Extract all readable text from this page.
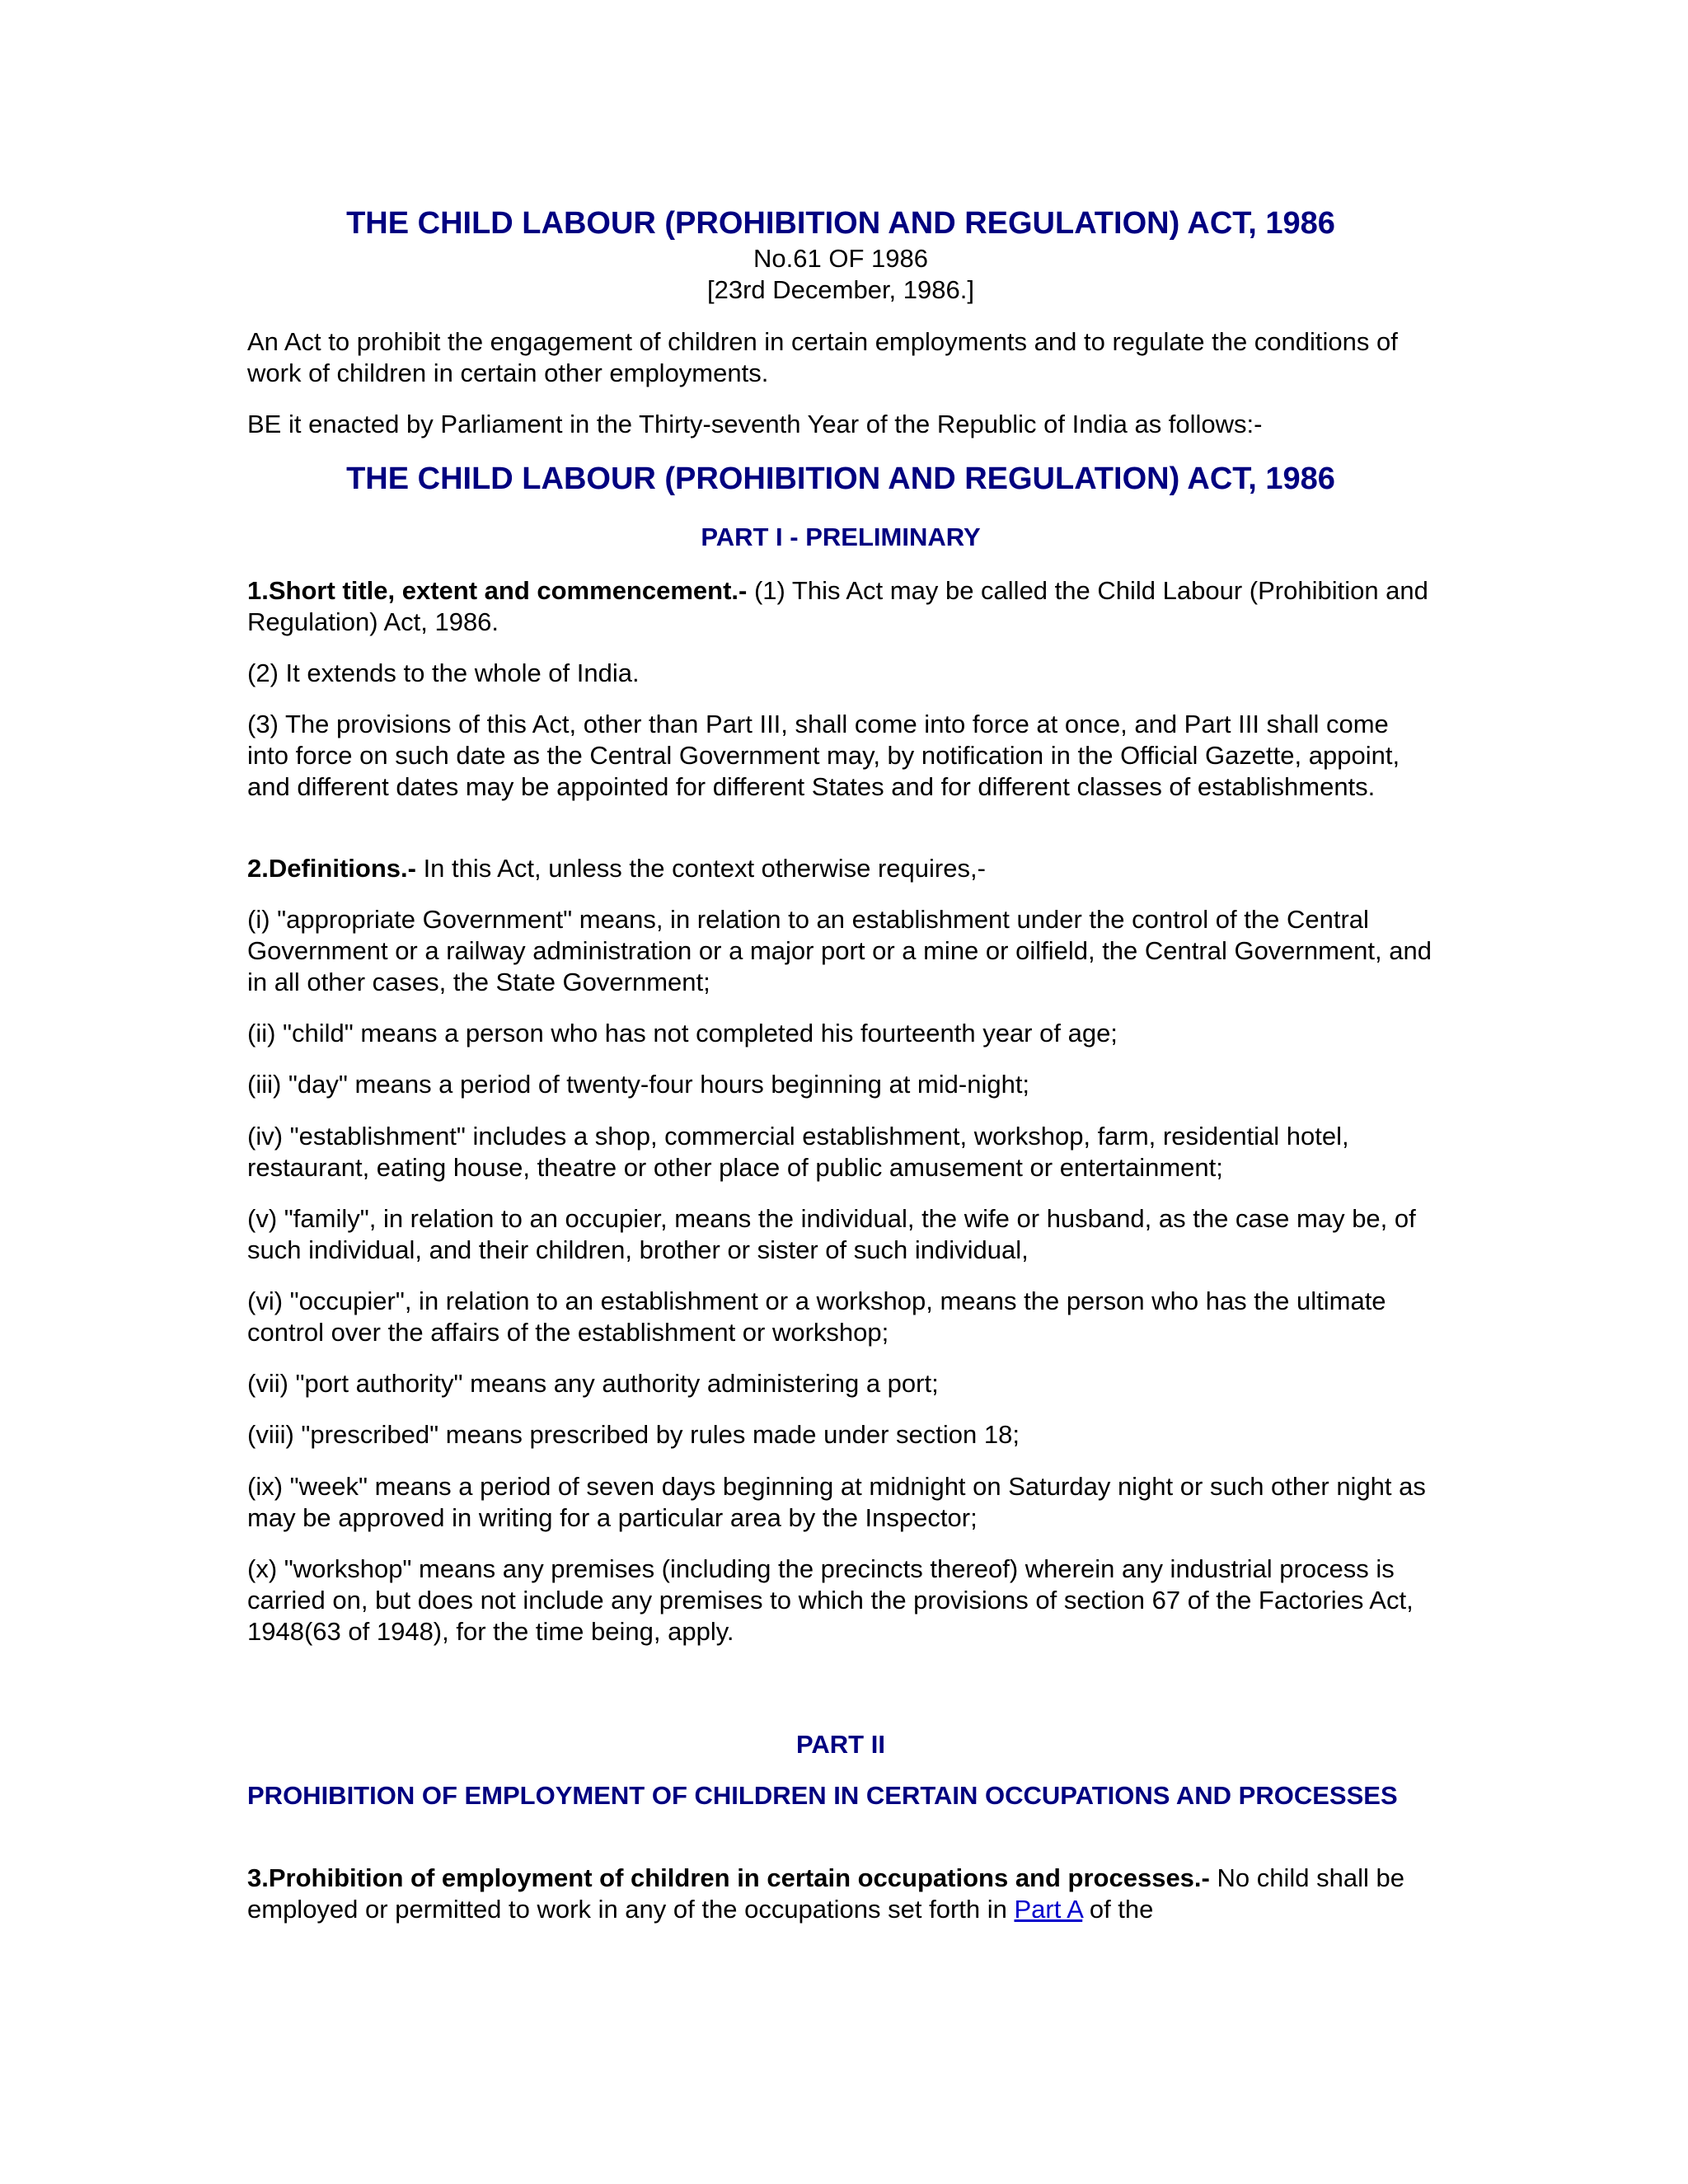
THE CHILD LABOUR (PROHIBITION AND REGULATION) ACT, 1986

No.61 OF 1986

[23rd December, 1986.]

An Act to prohibit the engagement of children in certain employments and to regulate the conditions of work of children in certain other employments.

BE it enacted by Parliament in the Thirty-seventh Year of the Republic of India as follows:-

THE CHILD LABOUR (PROHIBITION AND REGULATION) ACT, 1986
PART I - PRELIMINARY

1.Short title, extent and commencement.- (1) This Act may be called the Child Labour (Prohibition and Regulation) Act, 1986.

(2) It extends to the whole of India.

(3) The provisions of this Act, other than Part III, shall come into force at once, and Part III shall come into force on such date as the Central Government may, by notification in the Official Gazette, appoint, and different dates may be appointed for different States and for different classes of establishments.

2.Definitions.- In this Act, unless the context otherwise requires,-

(i) "appropriate Government" means, in relation to an establishment under the control of the Central Government or a railway administration or a major port or a mine or oilfield, the Central Government, and in all other cases, the State Government;

(ii) "child" means a person who has not completed his fourteenth year of age;

(iii) "day" means a period of twenty-four hours beginning at mid-night;

(iv) "establishment" includes a shop, commercial establishment, workshop, farm, residential hotel, restaurant, eating house, theatre or other place of public amusement or entertainment;

(v) "family", in relation to an occupier, means the individual, the wife or husband, as the case may be, of such individual, and their children, brother or sister of such individual,

(vi) "occupier", in relation to an establishment or a workshop, means the person who has the ultimate control over the affairs of the establishment or workshop;

(vii) "port authority" means any authority administering a port;

(viii) "prescribed" means prescribed by rules made under section 18;

(ix) "week" means a period of seven days beginning at midnight on Saturday night or such other night as may be approved in writing for a particular area by the Inspector;

(x) "workshop" means any premises (including the precincts thereof) wherein any industrial process is carried on, but does not include any premises to which the provisions of section 67 of the Factories Act, 1948(63 of 1948), for the time being, apply.

PART II
PROHIBITION OF EMPLOYMENT OF CHILDREN IN CERTAIN OCCUPATIONS AND PROCESSES

3.Prohibition of employment of children in certain occupations and processes.- No child shall be employed or permitted to work in any of the occupations set forth in Part A of the
